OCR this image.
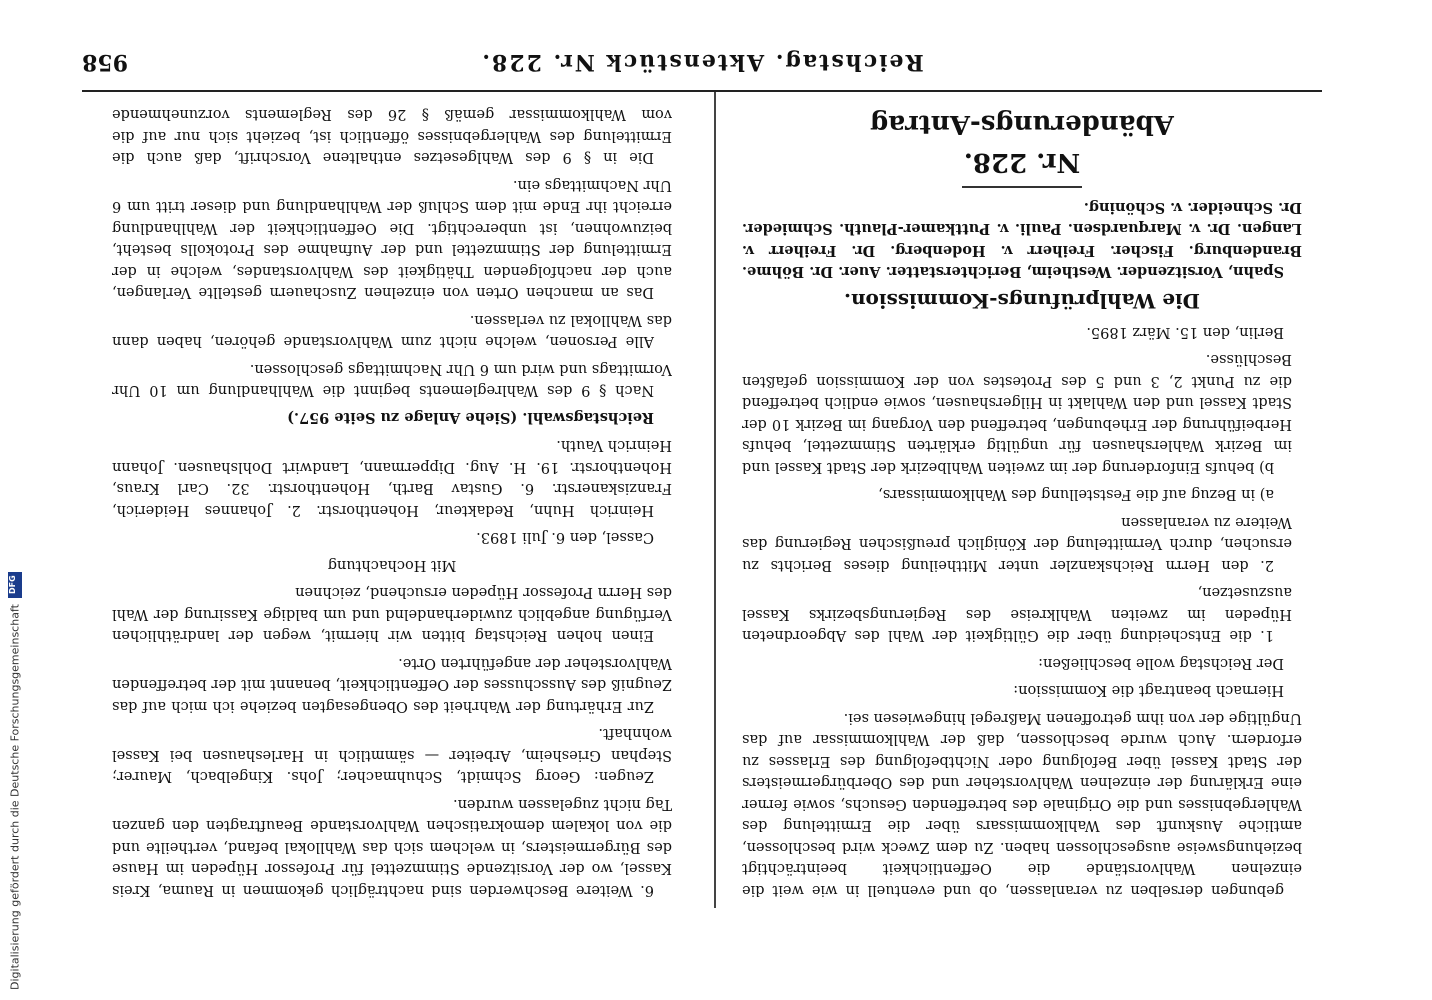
Reichstag. Aktenstück Nr. 228.
958

gebungen derselben zu veranlassen, ob und eventuell in wie weit die einzelnen Wahlvorstände die Oeffentlichkeit beeinträchtigt beziehungsweise ausgeschlossen haben. Zu dem Zweck wird beschlossen, amtliche Auskunft des Wahlkommissars über die Ermittelung des Wahlergebnisses und die Originale des betreffenden Gesuchs, sowie ferner eine Erklärung der einzelnen Wahlvorsteher und des Oberbürgermeisters der Stadt Kassel über Befolgung oder Nichtbefolgung des Erlasses zu erfordern. Auch wurde beschlossen, daß der Wahlkommissar auf das Ungültige der von ihm getroffenen Maßregel hingewiesen sei.

Hiernach beantragt die Kommission:

Der Reichstag wolle beschließen:

1. die Entscheidung über die Gültigkeit der Wahl des Abgeordneten Hüpeden im zweiten Wahlkreise des Regierungsbezirks Kassel auszusetzen,

2. den Herrn Reichskanzler unter Mittheilung dieses Berichts zu ersuchen, durch Vermittelung der Königlich preußischen Regierung das Weitere zu veranlassen

a) in Bezug auf die Feststellung des Wahlkommissars,

b) behufs Einforderung der im zweiten Wahlbezirk der Stadt Kassel und im Bezirk Wahlershausen für ungültig erklärten Stimmzettel, behufs Herbeiführung der Erhebungen, betreffend den Vorgang im Bezirk 10 der Stadt Kassel und den Wahlakt in Hilgershausen, sowie endlich betreffend die zu Punkt 2, 3 und 5 des Protestes von der Kommission gefaßten Beschlüsse.

Berlin, den 15. März 1895.

Die Wahlprüfungs-Kommission.

Spahn, Vorsitzender. Westheim, Berichterstatter. Auer. Dr. Böhme. Brandenburg. Fischer. Freiherr v. Hodenberg. Dr. Freiherr v. Langen. Dr. v. Marquardsen. Pauli. v. Puttkamer-Plauth. Schmieder. Dr. Schneider. v. Schöning.

Nr. 228.

Abänderungs-Antrag

6. Weitere Beschwerden sind nachträglich gekommen in Rauma, Kreis Kassel, wo der Vorsitzende Stimmzettel für Professor Hüpeden im Hause des Bürgermeisters, in welchem sich das Wahllokal befand, vertheilte und die von lokalem demokratischen Wahlvorstande Beauftragten den ganzen Tag nicht zugelassen wurden.

Zeugen: Georg Schmidt, Schuhmacher; Johs. Kingelbach, Maurer; Stephan Griesheim, Arbeiter — sämmtlich in Harleshausen bei Kassel wohnhaft.

Zur Erhärtung der Wahrheit des Obengesagten beziehe ich mich auf das Zeugniß des Ausschusses der Oeffentlichkeit, benannt mit der betreffenden Wahlvorsteher der angeführten Orte.

Einen hohen Reichstag bitten wir hiermit, wegen der landräthlichen Verfügung angeblich zuwiderhandelnd und um baldige Kassirung der Wahl des Herrn Professor Hüpeden ersuchend, zeichnen

Mit Hochachtung

Cassel, den 6. Juli 1893.

Heinrich Huhn, Redakteur, Hohenthorstr. 2. Johannes Heiderich, Franziskanerstr. 6. Gustav Barth, Hohenthorstr. 32. Carl Kraus, Hohenthorstr. 19. H. Aug. Dippermann, Landwirt Dohlshausen. Johann Heinrich Vauth.

Reichstagswahl. (Siehe Anlage zu Seite 957.)

Nach § 9 des Wahlreglements beginnt die Wahlhandlung um 10 Uhr Vormittags und wird um 6 Uhr Nachmittags geschlossen.

Alle Personen, welche nicht zum Wahlvorstande gehören, haben dann das Wahllokal zu verlassen.

Das an manchen Orten von einzelnen Zuschauern gestellte Verlangen, auch der nachfolgenden Thätigkeit des Wahlvorstandes, welche in der Ermittelung der Stimmzettel und der Aufnahme des Protokolls besteht, beizuwohnen, ist unberechtigt. Die Oeffentlichkeit der Wahlhandlung erreicht ihr Ende mit dem Schluß der Wahlhandlung und dieser tritt um 6 Uhr Nachmittags ein.

Die in § 9 des Wahlgesetzes enthaltene Vorschrift, daß auch die Ermittelung des Wahlergebnisses öffentlich ist, bezieht sich nur auf die vom Wahlkommissar gemäß § 26 des Reglements vorzunehmende

Digitalisierung gefördert durch die Deutsche Forschungsgemeinschaft
DFG
